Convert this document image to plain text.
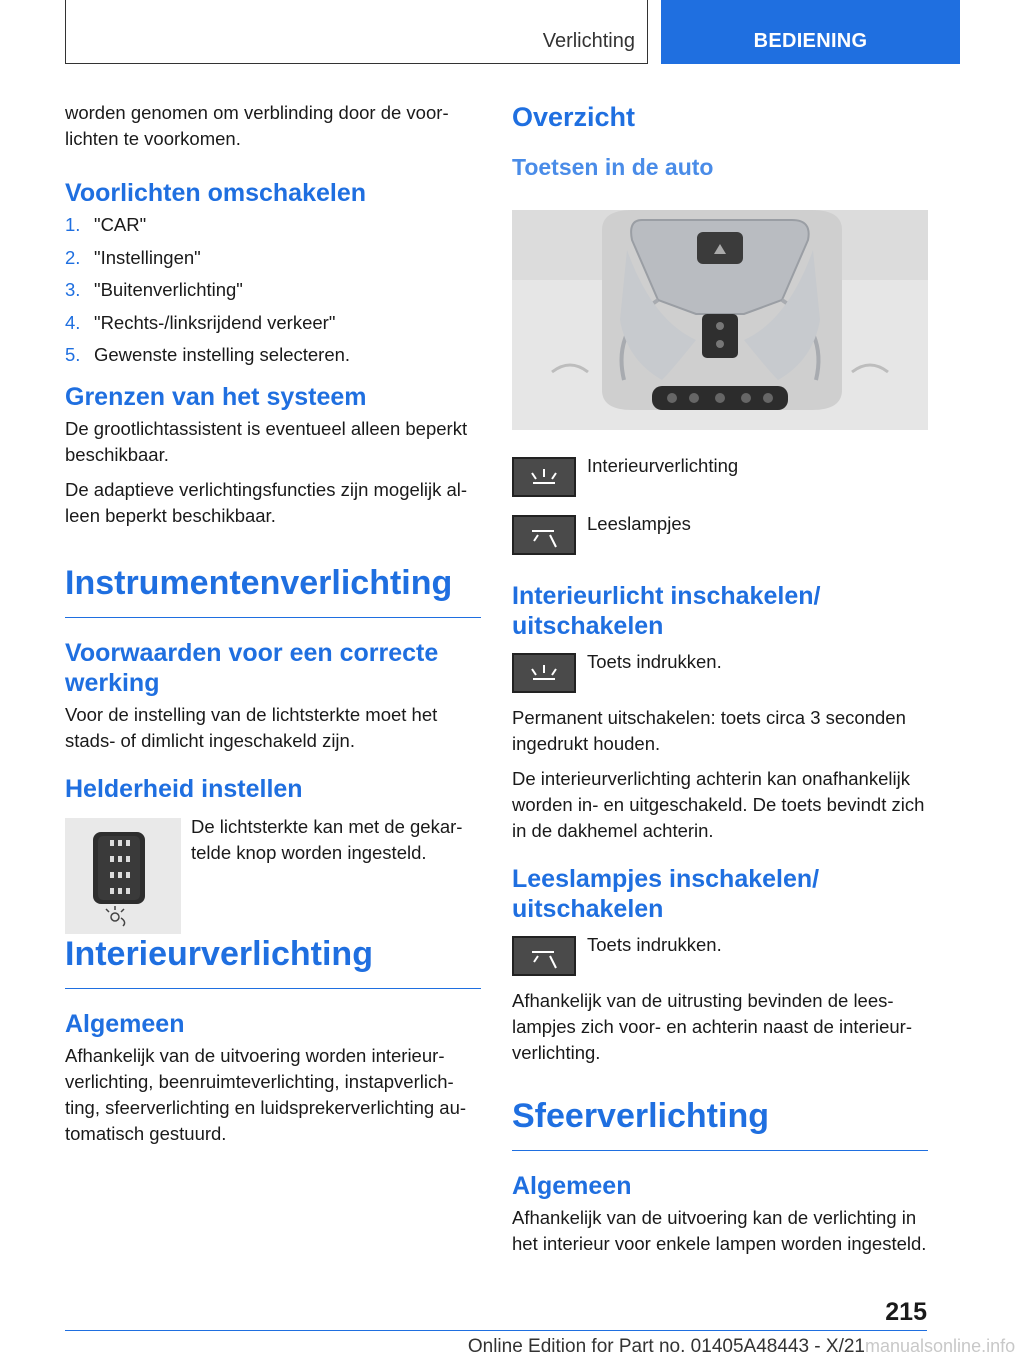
Verlichting	BEDIENING

worden genomen om verblinding door de voorlichten te voorkomen.

Voorlichten omschakelen
1. "CAR"
2. "Instellingen"
3. "Buitenverlichting"
4. "Rechts-/linksrijdend verkeer"
5. Gewenste instelling selecteren.
Grenzen van het systeem

De grootlichtassistent is eventueel alleen beperkt beschikbaar.

De adaptieve verlichtingsfuncties zijn mogelijk alleen beperkt beschikbaar.

Instrumentenverlichting
Voorwaarden voor een correcte werking

Voor de instelling van de lichtsterkte moet het stads- of dimlicht ingeschakeld zijn.

Helderheid instellen

De lichtsterkte kan met de gekartelde knop worden ingesteld.

Interieurverlichting
Algemeen

Afhankelijk van de uitvoering worden interieurverlichting, beenruimteverlichting, instapverlichting, sfeerverlichting en luidsprekerverlichting automatisch gestuurd.

Overzicht
Toetsen in de auto

Interieurverlichting

Leeslampjes

Interieurlicht inschakelen/ uitschakelen

Toets indrukken.

Permanent uitschakelen: toets circa 3 seconden ingedrukt houden.

De interieurverlichting achterin kan onafhankelijk worden in- en uitgeschakeld. De toets bevindt zich in de dakhemel achterin.

Leeslampjes inschakelen/ uitschakelen

Toets indrukken.

Afhankelijk van de uitrusting bevinden de leeslampjes zich voor- en achterin naast de interieurverlichting.

Sfeerverlichting
Algemeen

Afhankelijk van de uitvoering kan de verlichting in het interieur voor enkele lampen worden ingesteld.

215
Online Edition for Part no. 01405A48443 - X/21 manualsonline.info
